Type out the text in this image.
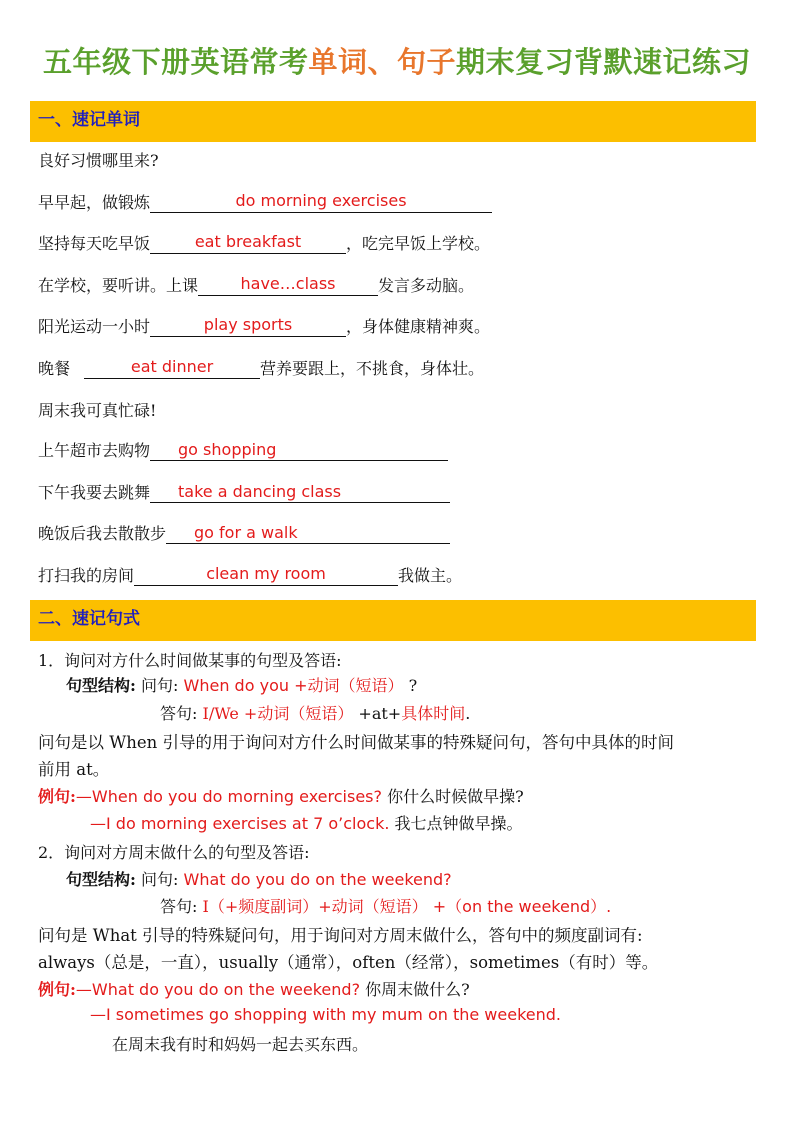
五年级下册英语常考单词、句子期末复习背默速记练习
一、速记单词
良好习惯哪里来?
早早起，做锻炼	do morning exercises
坚持每天吃早饭	eat breakfast	，吃完早饭上学校。
在学校，要听讲。上课	have…class	发言多动脑。
阳光运动一小时	play sports	，身体健康精神爽。
晚餐	eat dinner	营养要跟上，不挑食，身体壮。
周末我可真忙碌!
上午超市去购物 go shopping
下午我要去跳舞 take a dancing class
晚饭后我去散散步 go for a walk
打扫我的房间	clean my room	我做主。
二、速记句式
1．询问对方什么时间做某事的句型及答语:
句型结构: 问句: When do you +动词（短语） ?
答句: I/We +动词（短语） +at+具体时间.
问句是以 When 引导的用于询问对方什么时间做某事的特殊疑问句，答句中具体的时间
前用 at。
例句:—When do you do morning exercises? 你什么时候做早操?
—I do morning exercises at 7 o’clock. 我七点钟做早操。
2．询问对方周末做什么的句型及答语:
句型结构: 问句: What do you do on the weekend?
答句: I（+频度副词）+动词（短语） +（on the weekend）.
问句是 What 引导的特殊疑问句，用于询问对方周末做什么，答句中的频度副词有:
always（总是，一直），usually（通常），often（经常），sometimes（有时）等。
例句:—What do you do on the weekend? 你周末做什么?
—I sometimes go shopping with my mum on the weekend.
在周末我有时和妈妈一起去买东西。
